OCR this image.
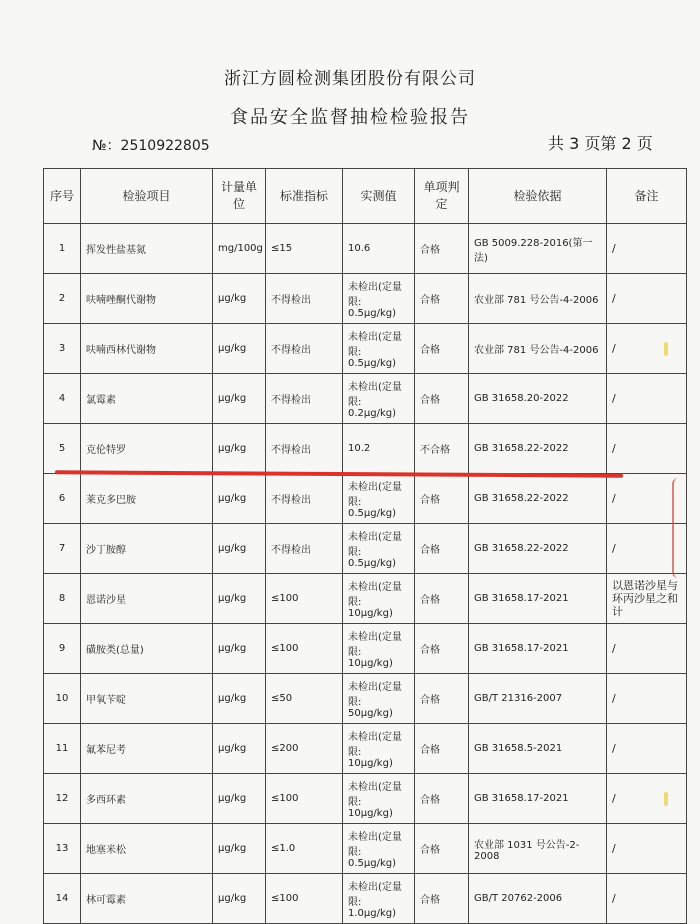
浙江方圆检测集团股份有限公司
食品安全监督抽检检验报告
№：2510922805	共 3 页第 2 页
序号	检验项目	计量单位	标准指标	实测值	单项判定	检验依据	备注
1	挥发性盐基氮	mg/100g	≤15	10.6	合格	GB 5009.228-2016(第一法)	/
2	呋喃唑酮代谢物	μg/kg	不得检出	未检出(定量限: 0.5μg/kg)	合格	农业部 781 号公告-4-2006	/
3	呋喃西林代谢物	μg/kg	不得检出	未检出(定量限: 0.5μg/kg)	合格	农业部 781 号公告-4-2006	/
4	氯霉素	μg/kg	不得检出	未检出(定量限: 0.2μg/kg)	合格	GB 31658.20-2022	/
5	克伦特罗	μg/kg	不得检出	10.2	不合格	GB 31658.22-2022	/
6	莱克多巴胺	μg/kg	不得检出	未检出(定量限: 0.5μg/kg)	合格	GB 31658.22-2022	/
7	沙丁胺醇	μg/kg	不得检出	未检出(定量限: 0.5μg/kg)	合格	GB 31658.22-2022	/
8	恩诺沙星	μg/kg	≤100	未检出(定量限: 10μg/kg)	合格	GB 31658.17-2021	以恩诺沙星与环丙沙星之和计
9	磺胺类(总量)	μg/kg	≤100	未检出(定量限: 10μg/kg)	合格	GB 31658.17-2021	/
10	甲氧苄啶	μg/kg	≤50	未检出(定量限: 50μg/kg)	合格	GB/T 21316-2007	/
11	氟苯尼考	μg/kg	≤200	未检出(定量限: 10μg/kg)	合格	GB 31658.5-2021	/
12	多西环素	μg/kg	≤100	未检出(定量限: 10μg/kg)	合格	GB 31658.17-2021	/
13	地塞米松	μg/kg	≤1.0	未检出(定量限: 0.5μg/kg)	合格	农业部 1031 号公告-2-2008	/
14	林可霉素	μg/kg	≤100	未检出(定量限: 1.0μg/kg)	合格	GB/T 20762-2006	/
